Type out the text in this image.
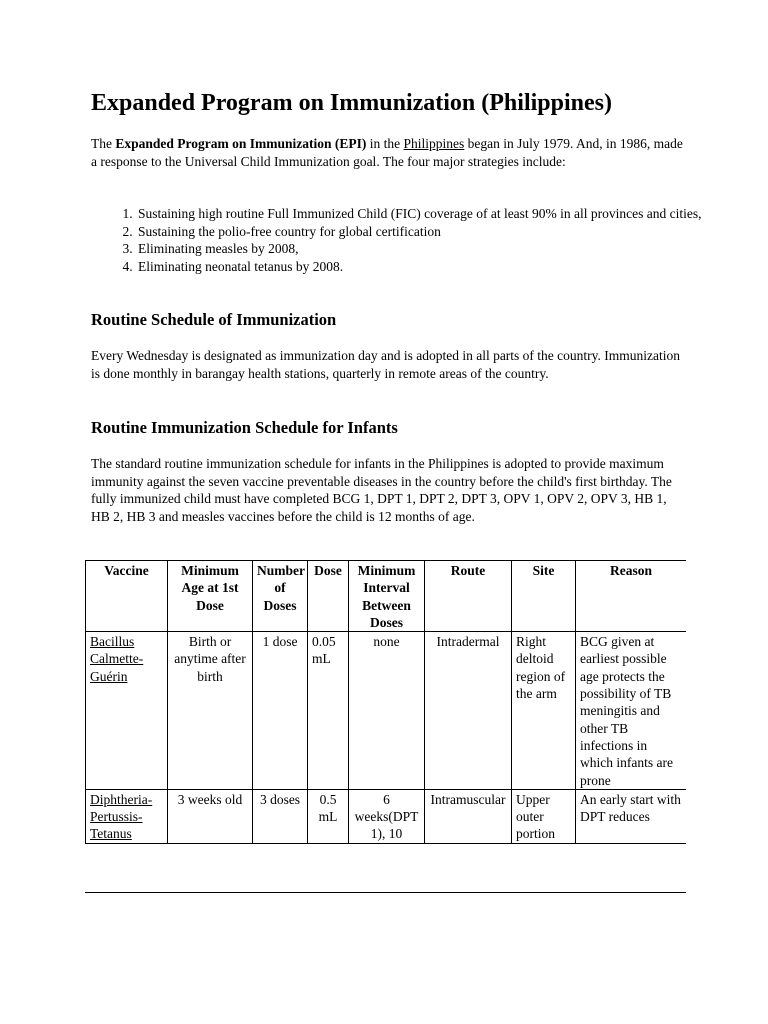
Expanded Program on Immunization (Philippines)

The Expanded Program on Immunization (EPI) in the Philippines began in July 1979. And, in 1986, made a response to the Universal Child Immunization goal. The four major strategies include:

1. Sustaining high routine Full Immunized Child (FIC) coverage of at least 90% in all provinces and cities,
2. Sustaining the polio-free country for global certification
3. Eliminating measles by 2008,
4. Eliminating neonatal tetanus by 2008.
Routine Schedule of Immunization

Every Wednesday is designated as immunization day and is adopted in all parts of the country. Immunization is done monthly in barangay health stations, quarterly in remote areas of the country.

Routine Immunization Schedule for Infants

The standard routine immunization schedule for infants in the Philippines is adopted to provide maximum immunity against the seven vaccine preventable diseases in the country before the child's first birthday. The fully immunized child must have completed BCG 1, DPT 1, DPT 2, DPT 3, OPV 1, OPV 2, OPV 3, HB 1, HB 2, HB 3 and measles vaccines before the child is 12 months of age.

Vaccine	Minimum Age at 1st Dose	Number of Doses	Dose	Minimum Interval Between Doses	Route	Site	Reason
Bacillus Calmette-Guérin	Birth or anytime after birth	1 dose	0.05 mL	none	Intradermal	Right deltoid region of the arm	BCG given at earliest possible age protects the possibility of TB meningitis and other TB infections in which infants are prone
Diphtheria-Pertussis-Tetanus	3 weeks old	3 doses	0.5 mL	6 weeks(DPT 1), 10	Intramuscular	Upper outer portion	An early start with DPT reduces
